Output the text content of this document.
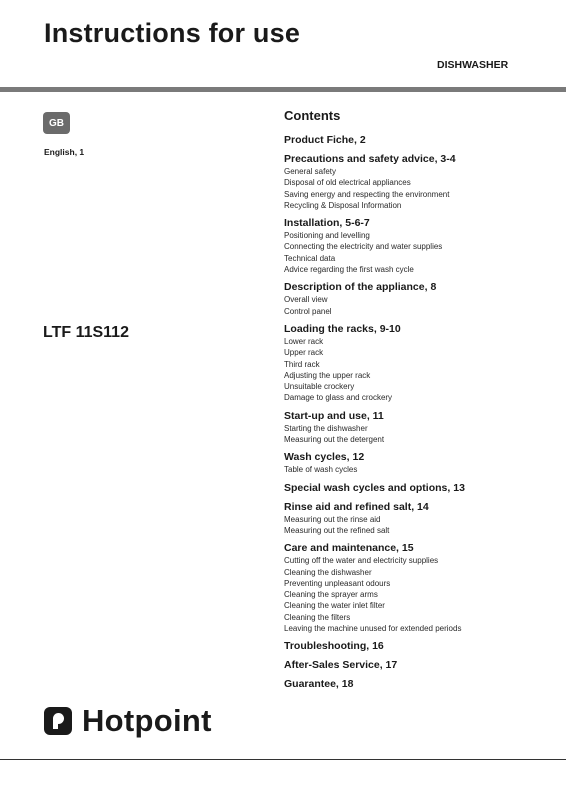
Instructions for use
DISHWASHER
GB
English, 1
LTF 11S112
Contents
Product Fiche, 2
Precautions and safety advice, 3-4
General safety
Disposal of old electrical appliances
Saving energy and respecting the environment
Recycling & Disposal Information
Installation, 5-6-7
Positioning and levelling
Connecting the electricity and water supplies
Technical data
Advice regarding the first wash cycle
Description of the appliance, 8
Overall view
Control panel
Loading the racks, 9-10
Lower rack
Upper rack
Third rack
Adjusting the upper rack
Unsuitable crockery
Damage to glass and crockery
Start-up and use, 11
Starting the dishwasher
Measuring out the detergent
Wash cycles, 12
Table of wash cycles
Special wash cycles and options, 13
Rinse aid and refined salt, 14
Measuring out the rinse aid
Measuring out the refined salt
Care and maintenance, 15
Cutting off the water and electricity supplies
Cleaning the dishwasher
Preventing unpleasant odours
Cleaning the sprayer arms
Cleaning the water inlet filter
Cleaning the filters
Leaving the machine unused for extended periods
Troubleshooting, 16
After-Sales Service, 17
Guarantee, 18
Hotpoint
